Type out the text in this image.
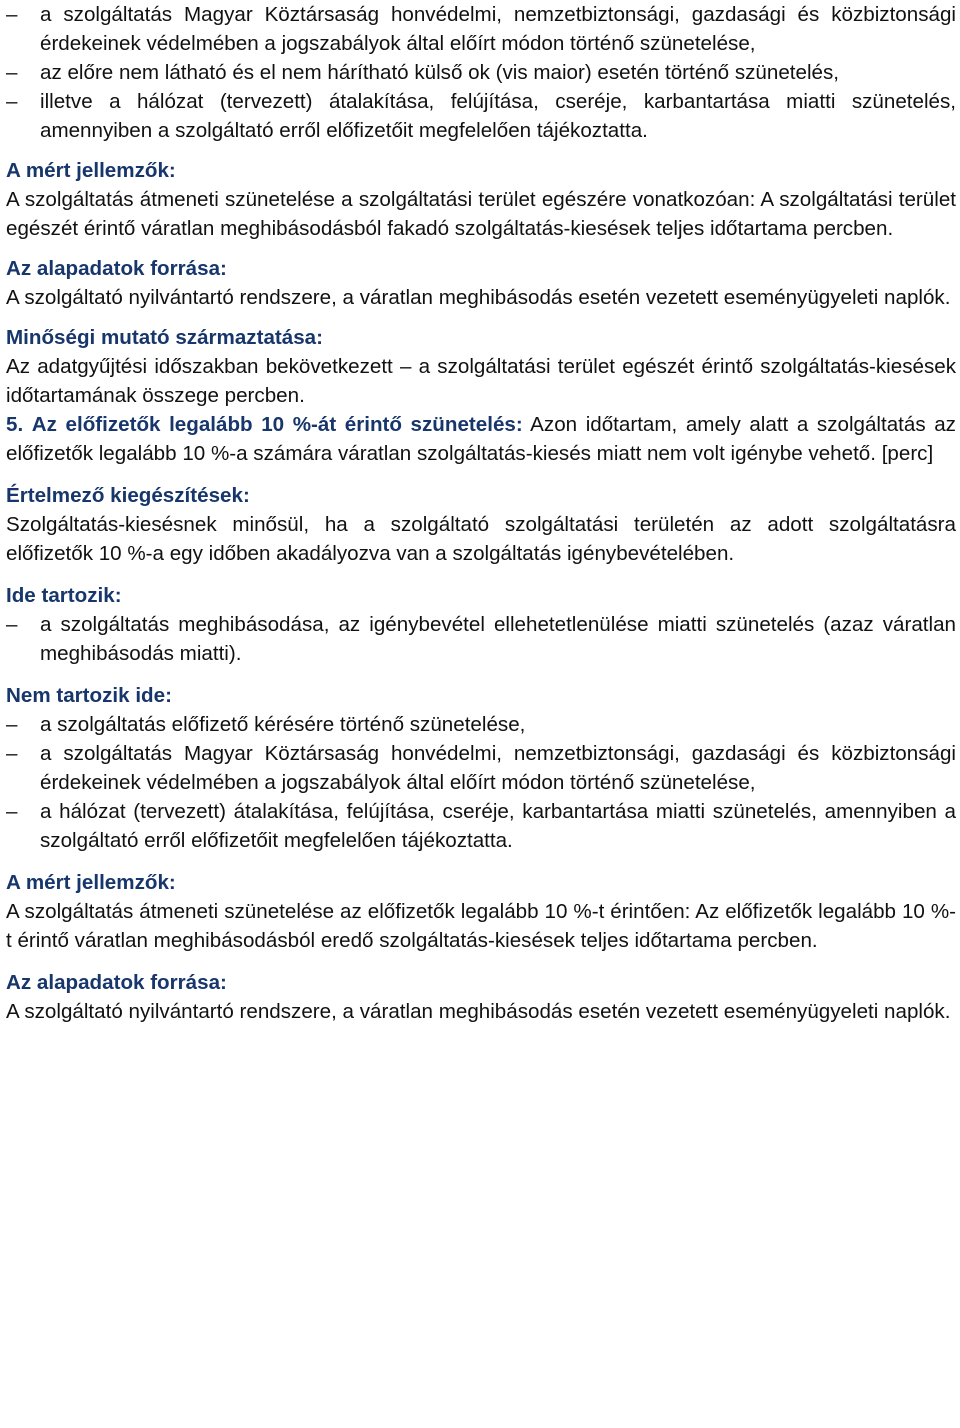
–	a szolgáltatás Magyar Köztársaság honvédelmi, nemzetbiztonsági, gazdasági és közbiztonsági érdekeinek védelmében a jogszabályok által előírt módon történő szünetelése,
–	az előre nem látható és el nem hárítható külső ok (vis maior) esetén történő szünetelés,
–	illetve a hálózat (tervezett) átalakítása, felújítása, cseréje, karbantartása miatti szünetelés, amennyiben a szolgáltató erről előfizetőit megfelelően tájékoztatta.

A mért jellemzők:

A szolgáltatás átmeneti szünetelése a szolgáltatási terület egészére vonatkozóan: A szolgáltatási terület egészét érintő váratlan meghibásodásból fakadó szolgáltatás-kiesések teljes időtartama percben.

Az alapadatok forrása:

A szolgáltató nyilvántartó rendszere, a váratlan meghibásodás esetén vezetett eseményügyeleti naplók.

Minőségi mutató származtatása:

Az adatgyűjtési időszakban bekövetkezett – a szolgáltatási terület egészét érintő szolgáltatás-kiesések időtartamának összege percben.

5. Az előfizetők legalább 10 %-át érintő szünetelés: Azon időtartam, amely alatt a szolgáltatás az előfizetők legalább 10 %-a számára váratlan szolgáltatás-kiesés miatt nem volt igénybe vehető. [perc]

Értelmező kiegészítések:

Szolgáltatás-kiesésnek minősül, ha a szolgáltató szolgáltatási területén az adott szolgáltatásra előfizetők 10 %-a egy időben akadályozva van a szolgáltatás igénybevételében.

Ide tartozik:

–	a szolgáltatás meghibásodása, az igénybevétel ellehetetlenülése miatti szünetelés (azaz váratlan meghibásodás miatti).

Nem tartozik ide:

–	a szolgáltatás előfizető kérésére történő szünetelése,
–	a szolgáltatás Magyar Köztársaság honvédelmi, nemzetbiztonsági, gazdasági és közbiztonsági érdekeinek védelmében a jogszabályok által előírt módon történő szünetelése,
–	a hálózat (tervezett) átalakítása, felújítása, cseréje, karbantartása miatti szünetelés, amennyiben a szolgáltató erről előfizetőit megfelelően tájékoztatta.

A mért jellemzők:

A szolgáltatás átmeneti szünetelése az előfizetők legalább 10 %-t érintően: Az előfizetők legalább 10 %-t érintő váratlan meghibásodásból eredő szolgáltatás-kiesések teljes időtartama percben.

Az alapadatok forrása:

A szolgáltató nyilvántartó rendszere, a váratlan meghibásodás esetén vezetett eseményügyeleti naplók.
